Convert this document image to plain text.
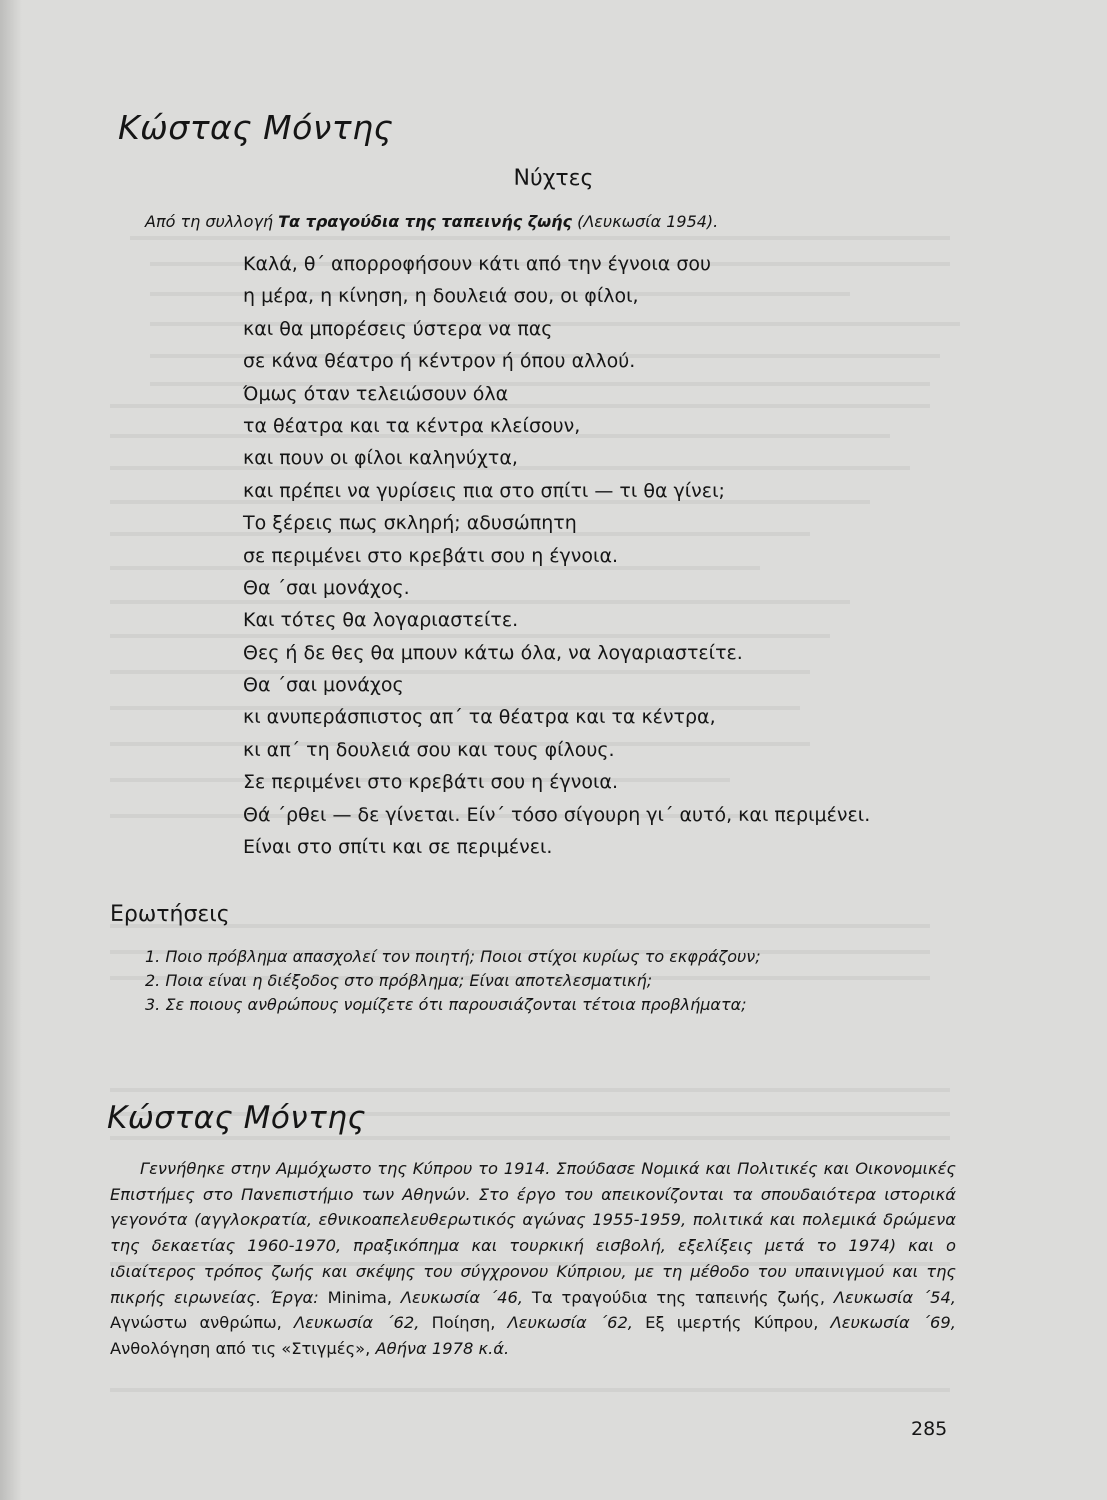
Κώστας Μόντης
Νύχτες
Από τη συλλογή Τα τραγούδια της ταπεινής ζωής (Λευκωσία 1954).
Καλά, θ΄ απορροφήσουν κάτι από την έγνοια σου
η μέρα, η κίνηση, η δουλειά σου, οι φίλοι,
και θα μπορέσεις ύστερα να πας
σε κάνα θέατρο ή κέντρον ή όπου αλλού.
Όμως όταν τελειώσουν όλα
τα θέατρα και τα κέντρα κλείσουν,
και πουν οι φίλοι καληνύχτα,
και πρέπει να γυρίσεις πια στο σπίτι — τι θα γίνει;
Το ξέρεις πως σκληρή; αδυσώπητη
σε περιμένει στο κρεβάτι σου η έγνοια.
Θα ΄σαι μονάχος.
Και τότες θα λογαριαστείτε.
Θες ή δε θες θα μπουν κάτω όλα, να λογαριαστείτε.
Θα ΄σαι μονάχος
κι ανυπεράσπιστος απ΄ τα θέατρα και τα κέντρα,
κι απ΄ τη δουλειά σου και τους φίλους.
Σε περιμένει στο κρεβάτι σου η έγνοια.
Θά ΄ρθει — δε γίνεται. Είν΄ τόσο σίγουρη γι΄ αυτό, και περιμένει.
Είναι στο σπίτι και σε περιμένει.
Ερωτήσεις
1. Ποιο πρόβλημα απασχολεί τον ποιητή; Ποιοι στίχοι κυρίως το εκφράζουν;
2. Ποια είναι η διέξοδος στο πρόβλημα; Είναι αποτελεσματική;
3. Σε ποιους ανθρώπους νομίζετε ότι παρουσιάζονται τέτοια προβλήματα;
Κώστας Μόντης

Γεννήθηκε στην Αμμόχωστο της Κύπρου το 1914. Σπούδασε Νομικά και Πολιτικές και Οικονομικές Επιστήμες στο Πανεπιστήμιο των Αθηνών. Στο έργο του απεικονίζονται τα σπουδαιότερα ιστορικά γεγονότα (αγγλοκρατία, εθνικοαπελευθερωτικός αγώνας 1955-1959, πολιτικά και πολεμικά δρώμενα της δεκαετίας 1960-1970, πραξικόπημα και τουρκική εισβολή, εξελίξεις μετά το 1974) και ο ιδιαίτερος τρόπος ζωής και σκέψης του σύγχρονου Κύπριου, με τη μέθοδο του υπαινιγμού και της πικρής ειρωνείας. Έργα: Minima, Λευκωσία ΄46, Τα τραγούδια της ταπεινής ζωής, Λευκωσία ΄54, Αγνώστω ανθρώπω, Λευκωσία ΄62, Ποίηση, Λευκωσία ΄62, Εξ ιμερτής Κύπρου, Λευκωσία ΄69, Ανθολόγηση από τις «Στιγμές», Αθήνα 1978 κ.ά.

285
